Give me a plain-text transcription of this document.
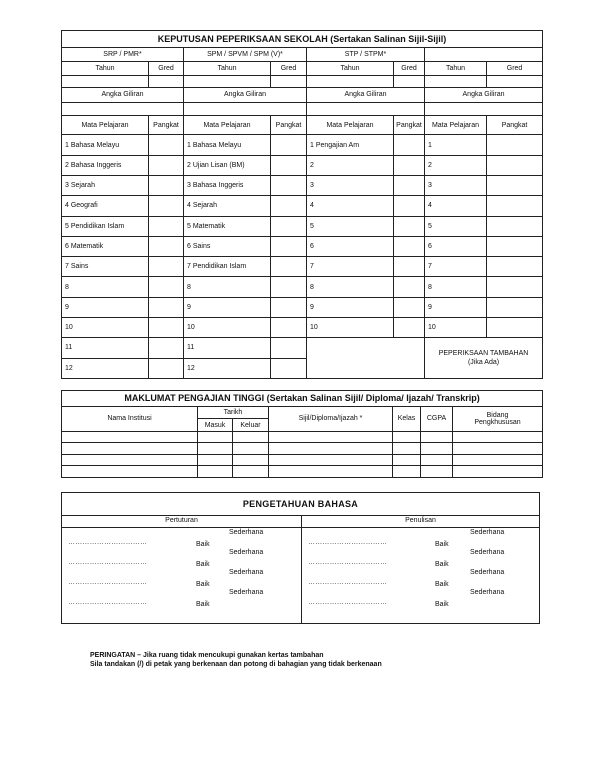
KEPUTUSAN PEPERIKSAAN SEKOLAH (Sertakan Salinan Sijil-Sijil)							
SRP / PMR*		SPM / SPVM / SPM (V)*		STP / STPM*			
Tahun	Gred	Tahun	Gred	Tahun	Gred	Tahun	Gred

Angka Giliran		Angka Giliran		Angka Giliran		Angka Giliran	

Mata Pelajaran	Pangkat	Mata Pelajaran	Pangkat	Mata Pelajaran	Pangkat	Mata Pelajaran	Pangkat
1 Bahasa Melayu		1 Bahasa Melayu		1 Pengajian Am		1	
2 Bahasa Inggeris		2 Ujian Lisan (BM)		2		2	
3 Sejarah		3 Bahasa Inggeris		3		3	
4 Geografi		4 Sejarah		4		4	
5 Pendidikan Islam		5 Matematik		5		5	
6 Matematik		6 Sains		6		6	
7 Sains		7 Pendidikan Islam		7		7	
8		8		8		8	
9		9		9		9	
10		10		10		10	
11		11				PEPERIKSAAN TAMBAHAN
(Jika Ada)	

12		12					
MAKLUMAT PENGAJIAN TINGGI (Sertakan Salinan Sijil/ Diploma/ Ijazah/ Transkrip)						
Nama Institusi	Tarikh		Sijil/Diploma/Ijazah *	Kelas	CGPA	Bidang
Pengkhususan

	Masuk	Keluar				

PENGETAHUAN BAHASA
Pertuturan
……………………………	Baik
Sederhana
……………………………	Baik
Sederhana
……………………………	Baik
Sederhana
……………………………	Baik
Sederhana
Penulisan
……………………………	Baik
Sederhana
……………………………	Baik
Sederhana
……………………………	Baik
Sederhana
……………………………	Baik
Sederhana
PERINGATAN – Jika ruang tidak mencukupi gunakan kertas tambahan
Sila tandakan (/) di petak yang berkenaan dan potong di bahagian yang tidak berkenaan
